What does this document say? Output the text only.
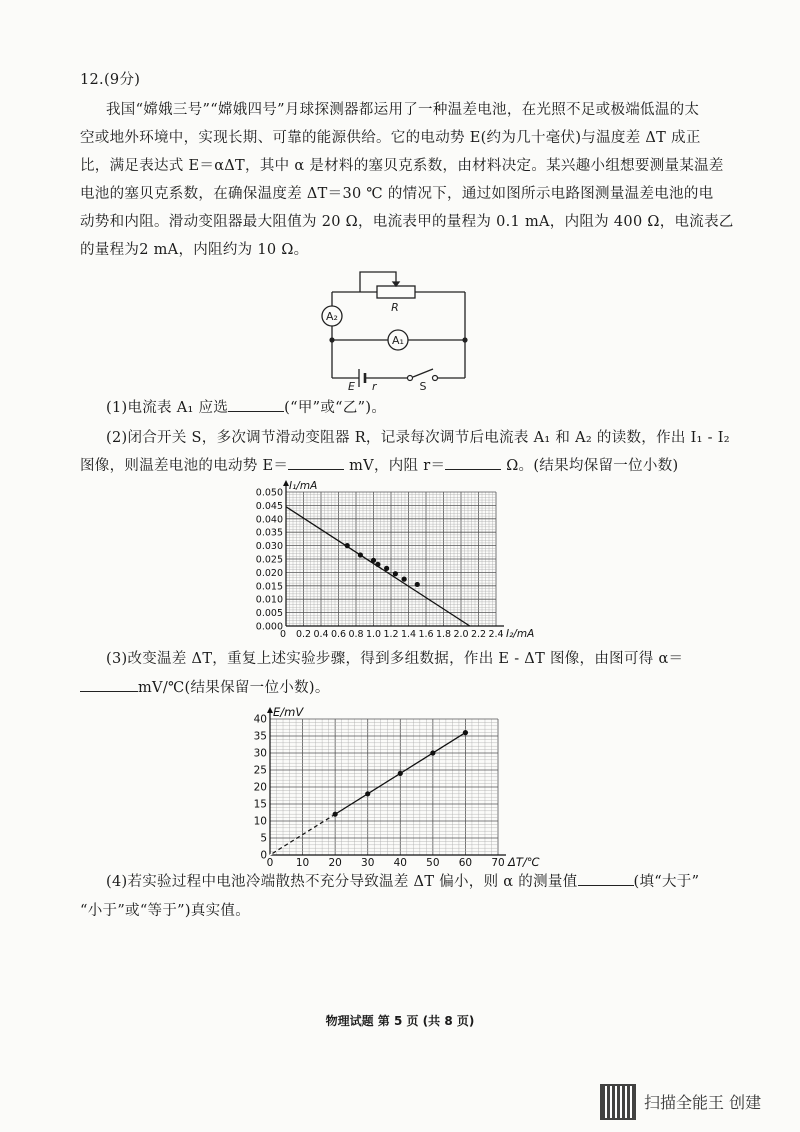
12.(9分)
我国“嫦娥三号”“嫦娥四号”月球探测器都运用了一种温差电池，在光照不足或极端低温的太
空或地外环境中，实现长期、可靠的能源供给。它的电动势 E(约为几十毫伏)与温度差 ΔT 成正
比，满足表达式 E＝αΔT，其中 α 是材料的塞贝克系数，由材料决定。某兴趣小组想要测量某温差
电池的塞贝克系数，在确保温度差 ΔT＝30 ℃ 的情况下，通过如图所示电路图测量温差电池的电
动势和内阻。滑动变阻器最大阻值为 20 Ω，电流表甲的量程为 0.1 mA，内阻为 400 Ω，电流表乙
的量程为2 mA，内阻约为 10 Ω。
A₂
A₁
R
E r	S
(1)电流表 A₁ 应选	(“甲”或“乙”)。
(2)闭合开关 S，多次调节滑动变阻器 R，记录每次调节后电流表 A₁ 和 A₂ 的读数，作出 I₁ - I₂
图像，则温差电池的电动势 E＝	mV，内阻 r＝	Ω。(结果均保留一位小数)
0 0.2 0.4 0.6 0.8 1.0 1.2 1.4 1.6 1.8 2.0 2.2 2.4
0.000
0.005
0.010
0.015
0.020
0.025
0.030
0.035
0.040
0.045
0.050
I₂/mA
I₁/mA
(3)改变温差 ΔT，重复上述实验步骤，得到多组数据，作出 E - ΔT 图像，由图可得 α＝
mV/℃(结果保留一位小数)。
0 10 20 30 40 50 60 70
0
5
10
15
20
25
30
35
40
ΔT/℃
E/mV
(4)若实验过程中电池冷端散热不充分导致温差 ΔT 偏小，则 α 的测量值	(填“大于”
“小于”或“等于”)真实值。
物理试题 第 5 页 (共 8 页)
扫描全能王 创建
